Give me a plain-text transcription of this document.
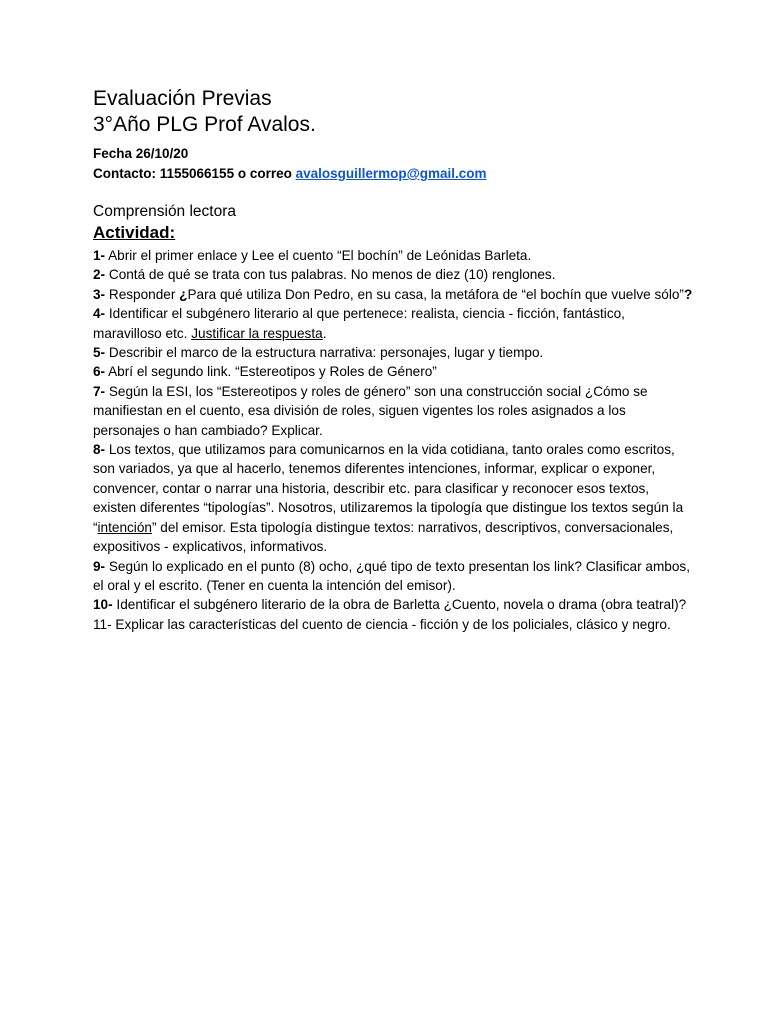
Evaluación Previas
3°Año PLG Prof Avalos.

Fecha 26/10/20

Contacto: 1155066155 o correo avalosguillermop@gmail.com

Comprensión lectora

Actividad:

1- Abrir el primer enlace y Lee el cuento “El bochín” de Leónidas Barleta.
2- Contá de qué se trata con tus palabras. No menos de diez (10) renglones.
3- Responder ¿Para qué utiliza Don Pedro, en su casa, la metáfora de “el bochín que vuelve sólo”?
4- Identificar el subgénero literario al que pertenece: realista, ciencia - ficción, fantástico, maravilloso etc. Justificar la respuesta.
5- Describir el marco de la estructura narrativa: personajes, lugar y tiempo.
6- Abrí el segundo link. “Estereotipos y Roles de Género”
7- Según la ESI, los “Estereotipos y roles de género” son una construcción social ¿Cómo se manifiestan en el cuento, esa división de roles, siguen vigentes los roles asignados a los personajes o han cambiado? Explicar.
8- Los textos, que utilizamos para comunicarnos en la vida cotidiana, tanto orales como escritos, son variados, ya que al hacerlo, tenemos diferentes intenciones, informar, explicar o exponer, convencer, contar o narrar una historia, describir etc. para clasificar y reconocer esos textos, existen diferentes “tipologías”. Nosotros, utilizaremos la tipología que distingue los textos según la “intención” del emisor. Esta tipología distingue textos: narrativos, descriptivos, conversacionales, expositivos - explicativos, informativos.
9- Según lo explicado en el punto (8) ocho, ¿qué tipo de texto presentan los link? Clasificar ambos, el oral y el escrito. (Tener en cuenta la intención del emisor).
10- Identificar el subgénero literario de la obra de Barletta ¿Cuento, novela o drama (obra teatral)?
11- Explicar las características del cuento de ciencia - ficción y de los policiales, clásico y negro.
